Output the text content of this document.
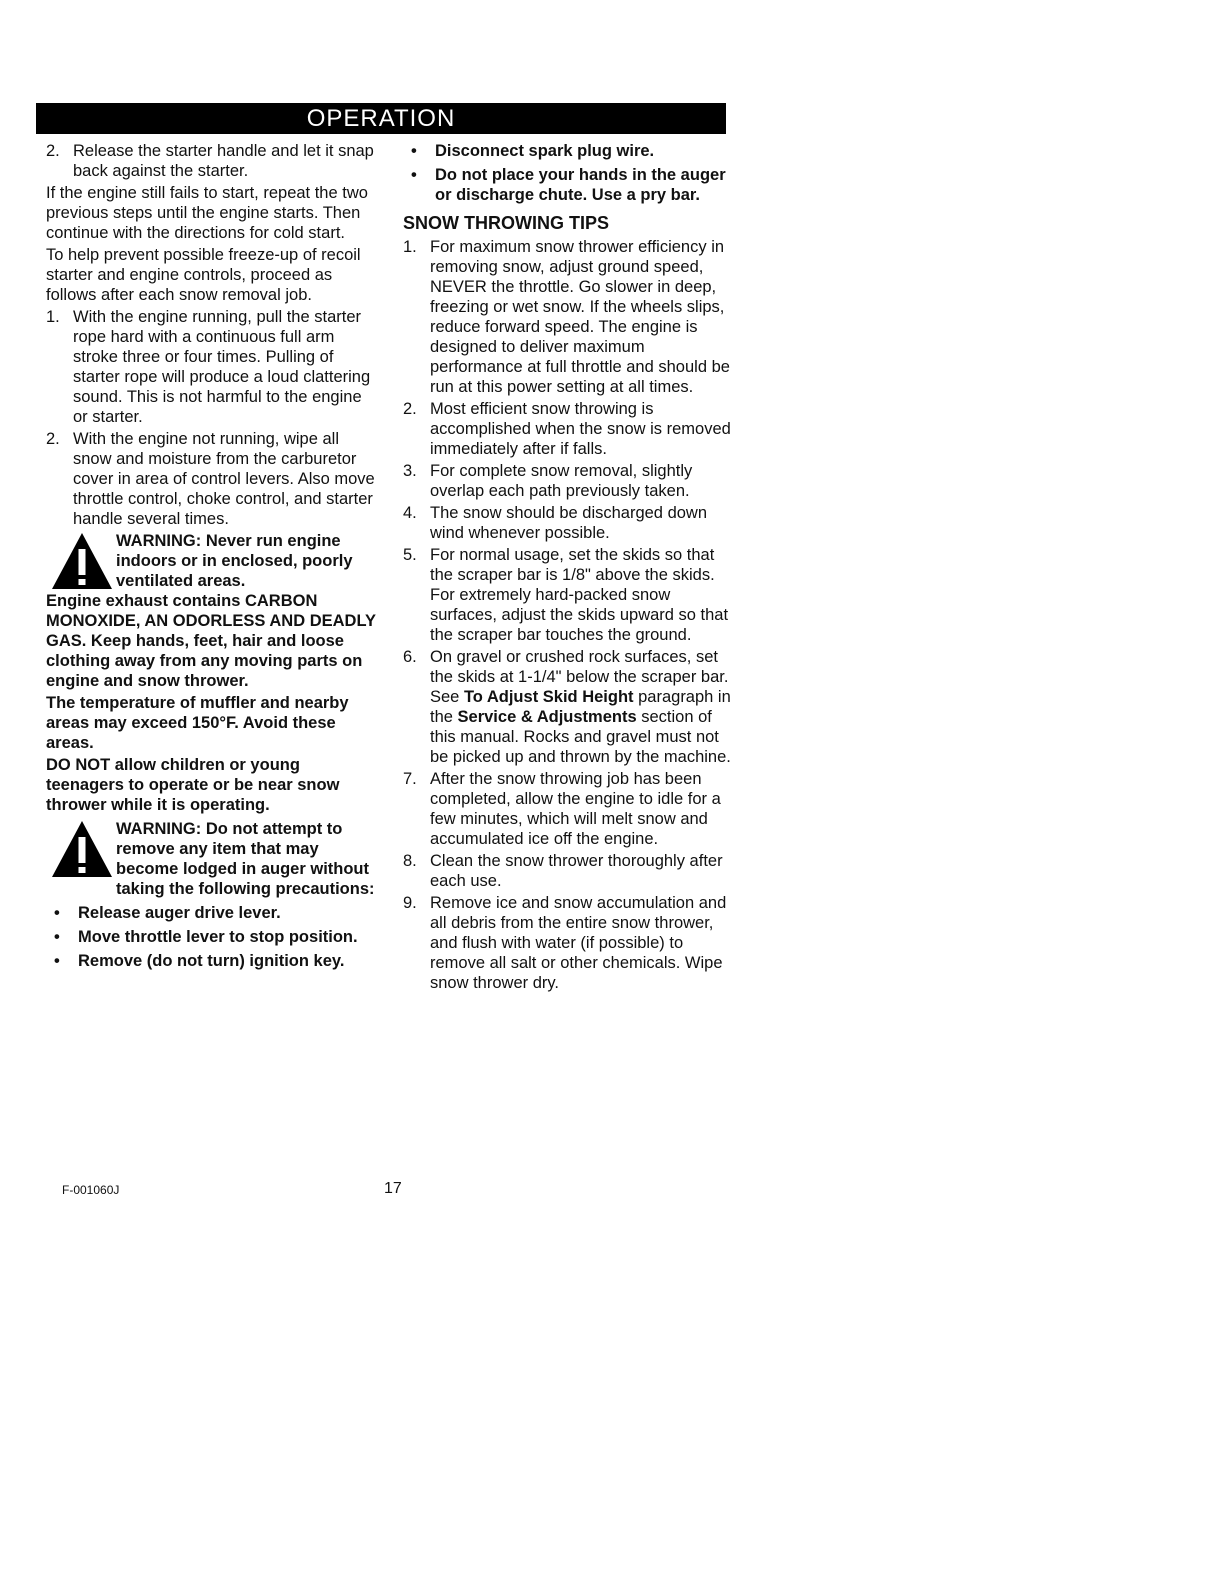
OPERATION
2. Release the starter handle and let it snap back against the starter.

If the engine still fails to start, repeat the two previous steps until the engine starts. Then continue with the directions for cold start.

To help prevent possible freeze-up of recoil starter and engine controls, proceed as follows after each snow removal job.

1. With the engine running, pull the starter rope hard with a continuous full arm stroke three or four times. Pulling of starter rope will produce a loud clattering sound. This is not harmful to the engine or starter.
2. With the engine not running, wipe all snow and moisture from the carburetor cover in area of control levers. Also move throttle control, choke control, and starter handle several times.
WARNING: Never run engine indoors or in enclosed, poorly ventilated areas.

Engine exhaust contains CARBON MONOXIDE, AN ODORLESS AND DEADLY GAS. Keep hands, feet, hair and loose clothing away from any moving parts on engine and snow thrower.

The temperature of muffler and nearby areas may exceed 150°F. Avoid these areas.

DO NOT allow children or young teenagers to operate or be near snow thrower while it is operating.

WARNING: Do not attempt to remove any item that may become lodged in auger without taking the following precautions:
• Release auger drive lever.
• Move throttle lever to stop position.
• Remove (do not turn) ignition key.
• Disconnect spark plug wire.
• Do not place your hands in the auger or discharge chute. Use a pry bar.
SNOW THROWING TIPS
1. For maximum snow thrower efficiency in removing snow, adjust ground speed, NEVER the throttle. Go slower in deep, freezing or wet snow. If the wheels slips, reduce forward speed. The engine is designed to deliver maximum performance at full throttle and should be run at this power setting at all times.
2. Most efficient snow throwing is accomplished when the snow is removed immediately after if falls.
3. For complete snow removal, slightly overlap each path previously taken.
4. The snow should be discharged down wind whenever possible.
5. For normal usage, set the skids so that the scraper bar is 1/8" above the skids. For extremely hard-packed snow surfaces, adjust the skids upward so that the scraper bar touches the ground.
6. On gravel or crushed rock surfaces, set the skids at 1-1/4" below the scraper bar. See To Adjust Skid Height paragraph in the Service & Adjustments section of this manual. Rocks and gravel must not be picked up and thrown by the machine.
7. After the snow throwing job has been completed, allow the engine to idle for a few minutes, which will melt snow and accumulated ice off the engine.
8. Clean the snow thrower thoroughly after each use.
9. Remove ice and snow accumulation and all debris from the entire snow thrower, and flush with water (if possible) to remove all salt or other chemicals. Wipe snow thrower dry.
F-001060J	17
